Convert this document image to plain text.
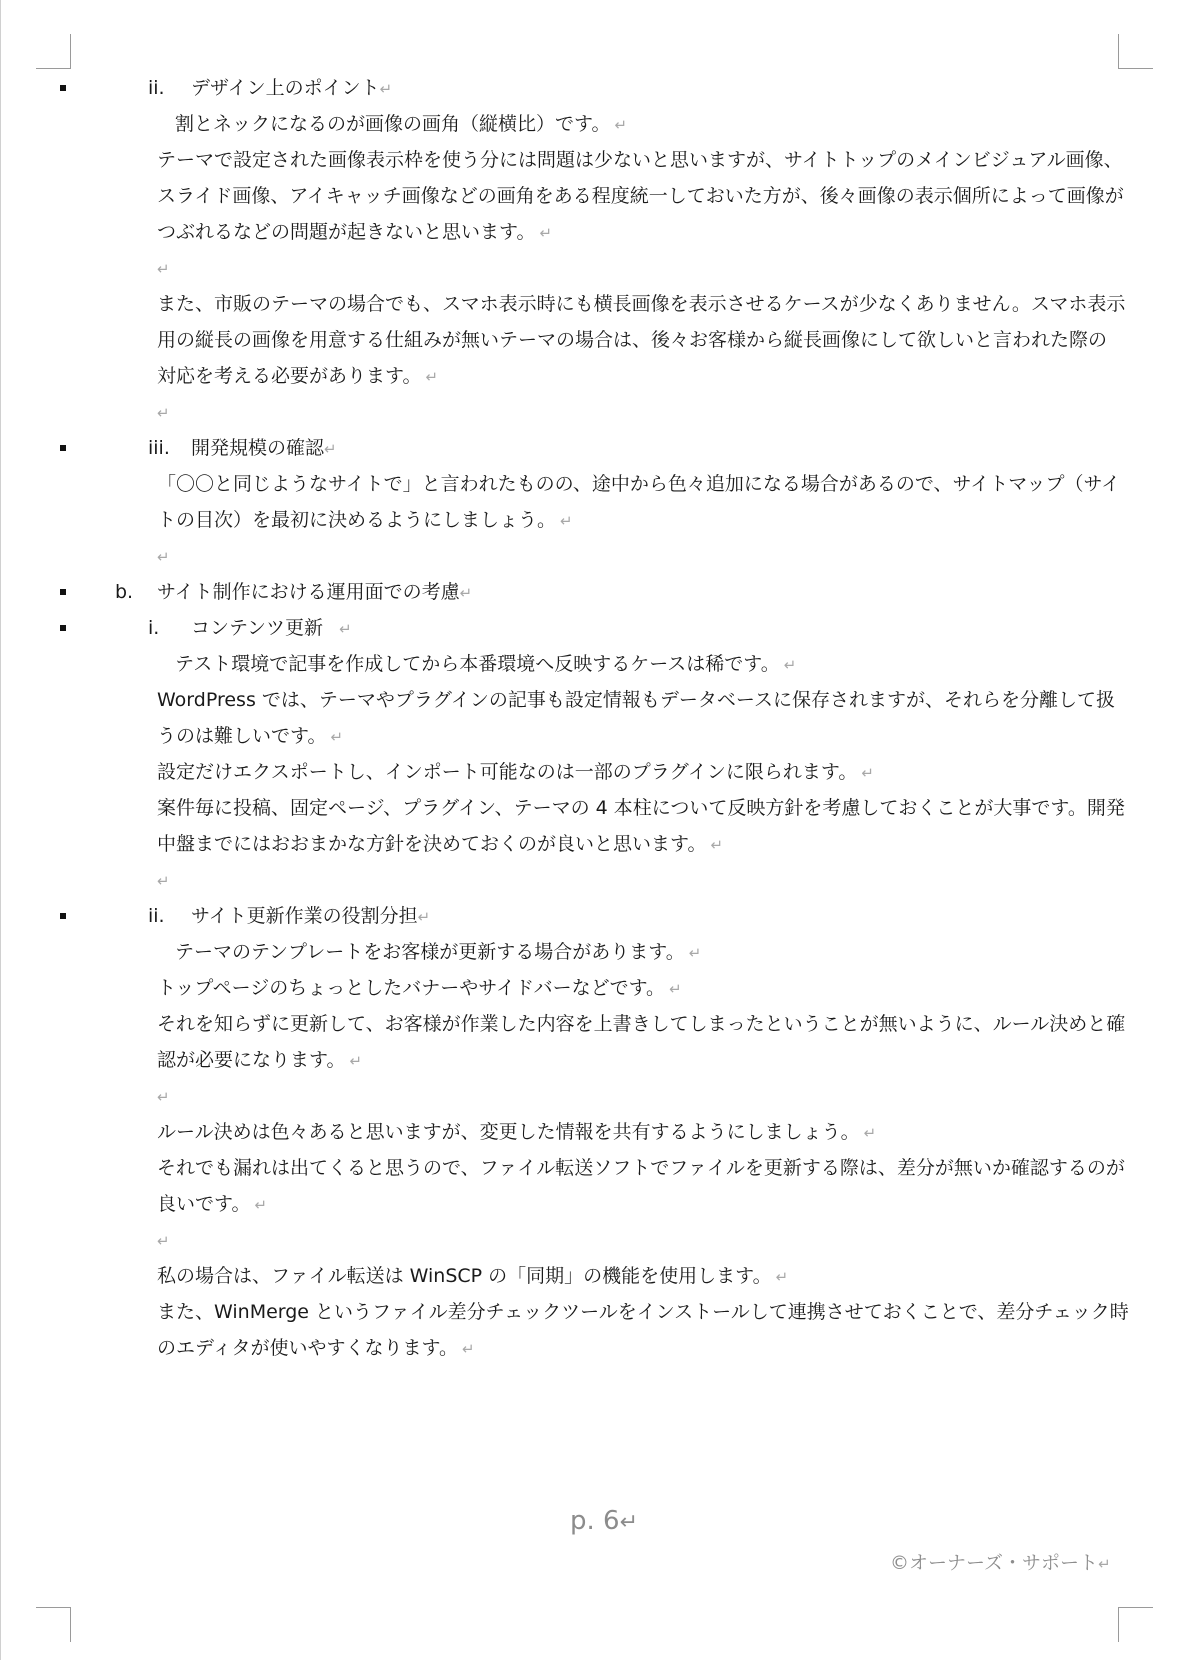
ii. デザイン上のポイント↵
割とネックになるのが画像の画角（縦横比）です。 ↵
テーマで設定された画像表示枠を使う分には問題は少ないと思いますが、サイトトップのメインビジュアル画像、
スライド画像、アイキャッチ画像などの画角をある程度統一しておいた方が、後々画像の表示個所によって画像が
つぶれるなどの問題が起きないと思います。 ↵
↵
また、市販のテーマの場合でも、スマホ表示時にも横長画像を表示させるケースが少なくありません。スマホ表示
用の縦長の画像を用意する仕組みが無いテーマの場合は、後々お客様から縦長画像にして欲しいと言われた際の
対応を考える必要があります。 ↵
↵
iii. 開発規模の確認↵
「〇〇と同じようなサイトで」と言われたものの、途中から色々追加になる場合があるので、サイトマップ（サイ
トの目次）を最初に決めるようにしましょう。 ↵
↵
b. サイト制作における運用面での考慮↵
i. コンテンツ更新 ↵
テスト環境で記事を作成してから本番環境へ反映するケースは稀です。 ↵
WordPress では、テーマやプラグインの記事も設定情報もデータベースに保存されますが、それらを分離して扱
うのは難しいです。 ↵
設定だけエクスポートし、インポート可能なのは一部のプラグインに限られます。 ↵
案件毎に投稿、固定ページ、プラグイン、テーマの 4 本柱について反映方針を考慮しておくことが大事です。開発
中盤までにはおおまかな方針を決めておくのが良いと思います。 ↵
↵
ii. サイト更新作業の役割分担↵
テーマのテンプレートをお客様が更新する場合があります。 ↵
トップページのちょっとしたバナーやサイドバーなどです。 ↵
それを知らずに更新して、お客様が作業した内容を上書きしてしまったということが無いように、ルール決めと確
認が必要になります。 ↵
↵
ルール決めは色々あると思いますが、変更した情報を共有するようにしましょう。 ↵
それでも漏れは出てくると思うので、ファイル転送ソフトでファイルを更新する際は、差分が無いか確認するのが
良いです。 ↵
↵
私の場合は、ファイル転送は WinSCP の「同期」の機能を使用します。 ↵
また、WinMerge というファイル差分チェックツールをインストールして連携させておくことで、差分チェック時
のエディタが使いやすくなります。 ↵
p. 6↵
©オーナーズ・サポート↵
